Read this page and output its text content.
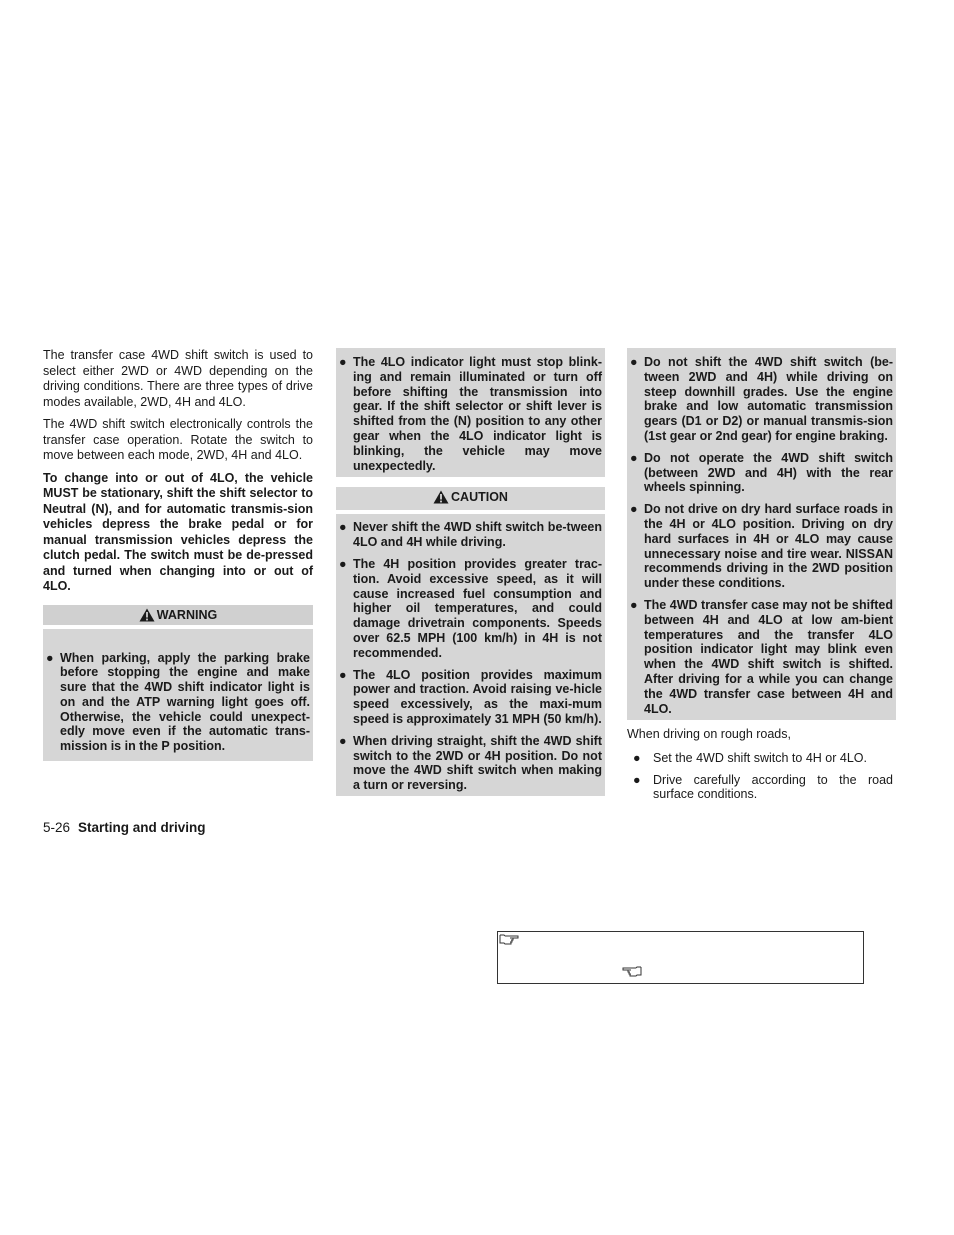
The transfer case 4WD shift switch is used to select either 2WD or 4WD depending on the driving conditions. There are three types of drive modes available, 2WD, 4H and 4LO.

The 4WD shift switch electronically controls the transfer case operation. Rotate the switch to move between each mode, 2WD, 4H and 4LO.

To change into or out of 4LO, the vehicle MUST be stationary, shift the shift selector to Neutral (N), and for automatic transmis-sion vehicles depress the brake pedal or for manual transmission vehicles depress the clutch pedal. The switch must be de-pressed and turned when changing into or out of 4LO.

WARNING
● When parking, apply the parking brake before stopping the engine and make sure that the 4WD shift indicator light is on and the ATP warning light goes off. Otherwise, the vehicle could unexpect-edly move even if the automatic trans-mission is in the P position.
● The 4LO indicator light must stop blink-ing and remain illuminated or turn off before shifting the transmission into gear. If the shift selector or shift lever is shifted from the (N) position to any other gear when the 4LO indicator light is blinking, the vehicle may move unexpectedly.
CAUTION
● Never shift the 4WD shift switch be-tween 4LO and 4H while driving.
● The 4H position provides greater trac-tion. Avoid excessive speed, as it will cause increased fuel consumption and higher oil temperatures, and could damage drivetrain components. Speeds over 62.5 MPH (100 km/h) in 4H is not recommended.
● The 4LO position provides maximum power and traction. Avoid raising ve-hicle speed excessively, as the maxi-mum speed is approximately 31 MPH (50 km/h).
● When driving straight, shift the 4WD shift switch to the 2WD or 4H position. Do not move the 4WD shift switch when making a turn or reversing.
● Do not shift the 4WD shift switch (be-tween 2WD and 4H) while driving on steep downhill grades. Use the engine brake and low automatic transmission gears (D1 or D2) or manual transmis-sion (1st gear or 2nd gear) for engine braking.
● Do not operate the 4WD shift switch (between 2WD and 4H) with the rear wheels spinning.
● Do not drive on dry hard surface roads in the 4H or 4LO position. Driving on dry hard surfaces in 4H or 4LO may cause unnecessary noise and tire wear. NISSAN recommends driving in the 2WD position under these conditions.
● The 4WD transfer case may not be shifted between 4H and 4LO at low am-bient temperatures and the transfer 4LO position indicator light may blink even when the 4WD shift switch is shifted. After driving for a while you can change the 4WD transfer case between 4H and 4LO.

When driving on rough roads,

● Set the 4WD shift switch to 4H or 4LO.
● Drive carefully according to the road surface conditions.
5-26 Starting and driving
